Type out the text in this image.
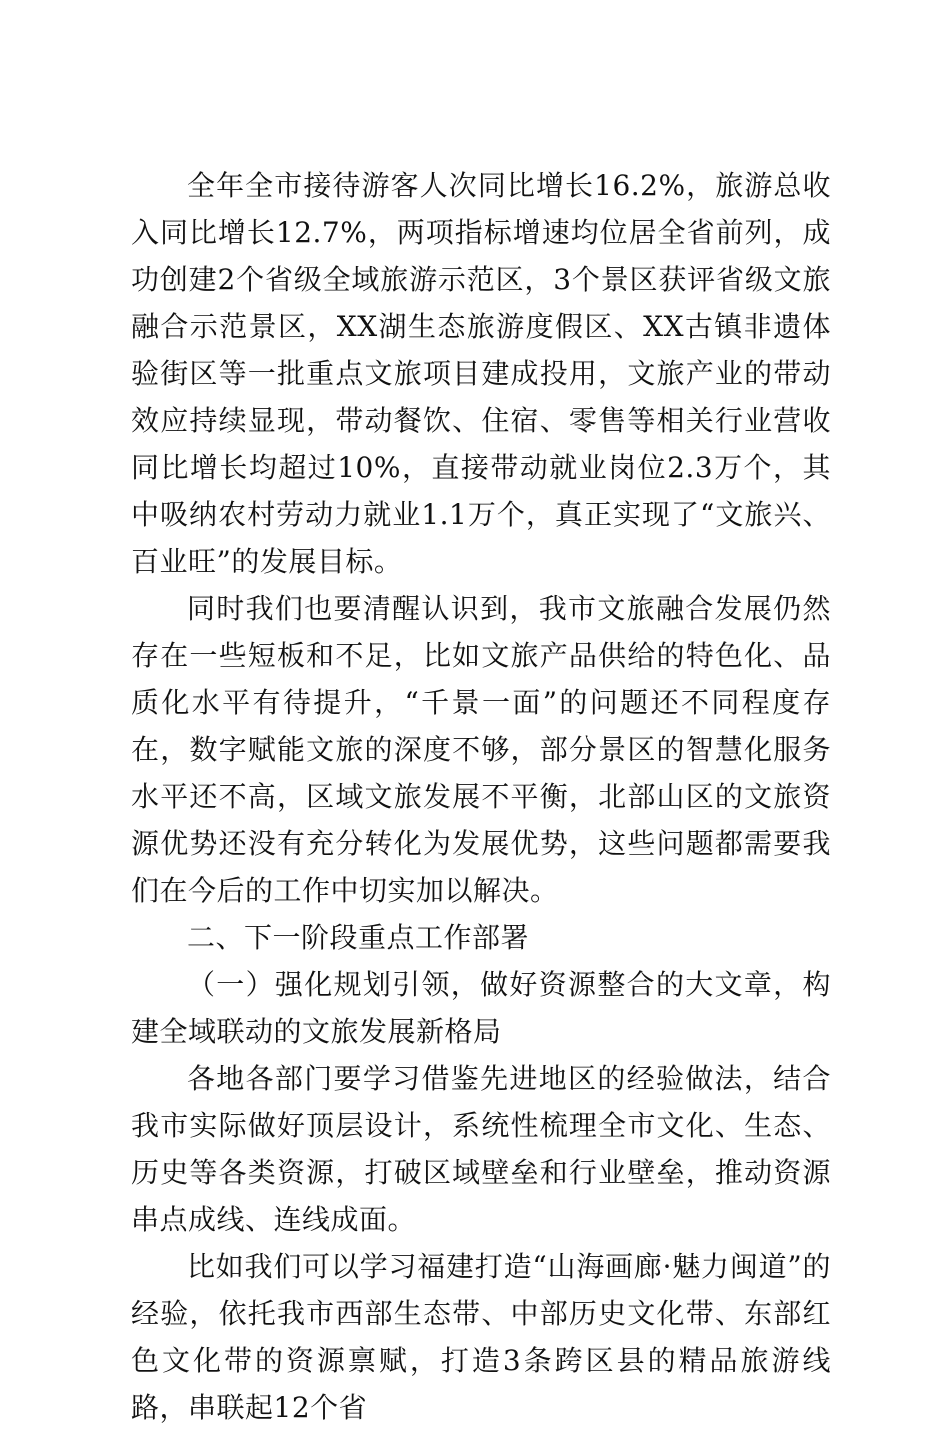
全年全市接待游客人次同比增长16.2%，旅游总收入同比增长12.7%，两项指标增速均位居全省前列，成功创建2个省级全域旅游示范区，3个景区获评省级文旅融合示范景区，XX湖生态旅游度假区、XX古镇非遗体验街区等一批重点文旅项目建成投用，文旅产业的带动效应持续显现，带动餐饮、住宿、零售等相关行业营收同比增长均超过10%，直接带动就业岗位2.3万个，其中吸纳农村劳动力就业1.1万个，真正实现了“文旅兴、百业旺”的发展目标。

同时我们也要清醒认识到，我市文旅融合发展仍然存在一些短板和不足，比如文旅产品供给的特色化、品质化水平有待提升，“千景一面”的问题还不同程度存在，数字赋能文旅的深度不够，部分景区的智慧化服务水平还不高，区域文旅发展不平衡，北部山区的文旅资源优势还没有充分转化为发展优势，这些问题都需要我们在今后的工作中切实加以解决。

二、下一阶段重点工作部署

（一）强化规划引领，做好资源整合的大文章，构建全域联动的文旅发展新格局

各地各部门要学习借鉴先进地区的经验做法，结合我市实际做好顶层设计，系统性梳理全市文化、生态、历史等各类资源，打破区域壁垒和行业壁垒，推动资源串点成线、连线成面。

比如我们可以学习福建打造“山海画廊·魅力闽道”的经验，依托我市西部生态带、中部历史文化带、东部红色文化带的资源禀赋，打造3条跨区县的精品旅游线路，串联起12个省
